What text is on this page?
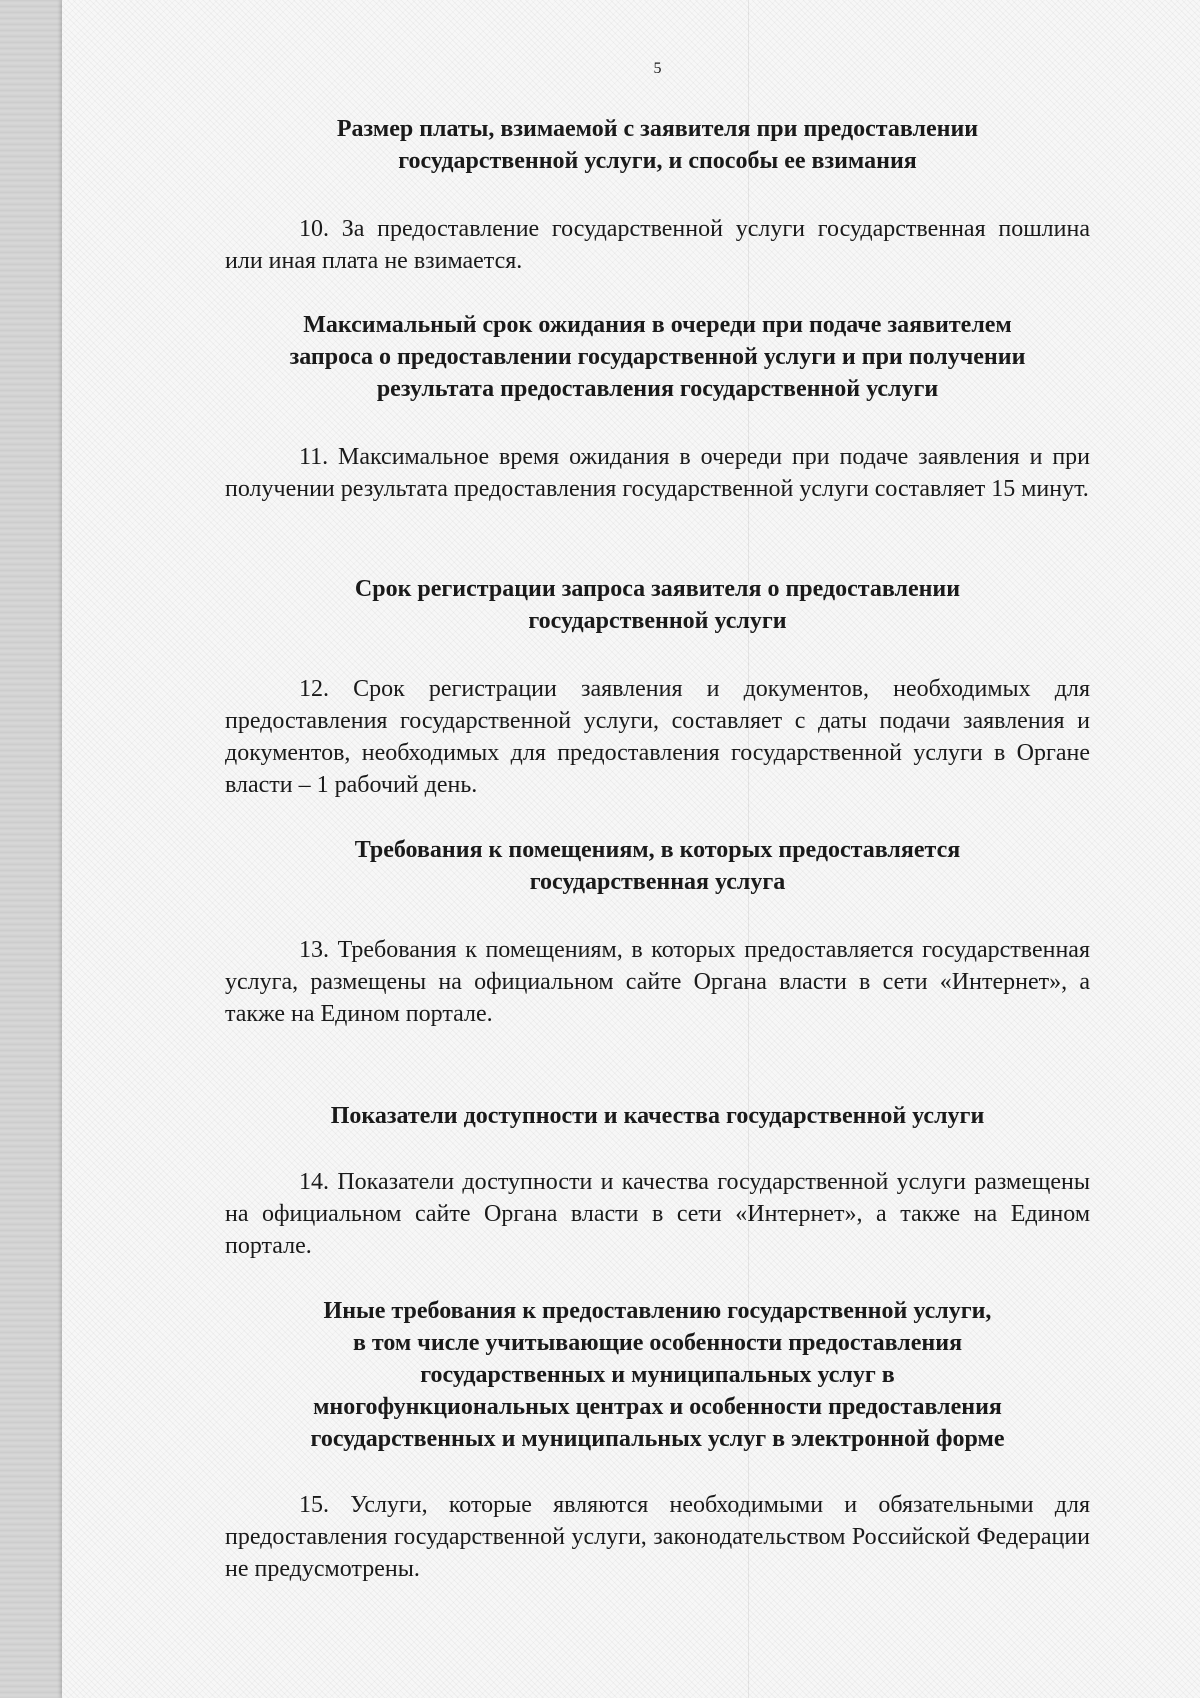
5
Размер платы, взимаемой с заявителя при предоставлении
государственной услуги, и способы ее взимания
10. За предоставление государственной услуги государственная пошлина или иная плата не взимается.
Максимальный срок ожидания в очереди при подаче заявителем
запроса о предоставлении государственной услуги и при получении
результата предоставления государственной услуги
11. Максимальное время ожидания в очереди при подаче заявления и при получении результата предоставления государственной услуги составляет 15 минут.
Срок регистрации запроса заявителя о предоставлении
государственной услуги
12. Срок регистрации заявления и документов, необходимых для предоставления государственной услуги, составляет с даты подачи заявления и документов, необходимых для предоставления государственной услуги в Органе власти – 1 рабочий день.
Требования к помещениям, в которых предоставляется
государственная услуга
13. Требования к помещениям, в которых предоставляется государственная услуга, размещены на официальном сайте Органа власти в сети «Интернет», а также на Едином портале.
Показатели доступности и качества государственной услуги
14. Показатели доступности и качества государственной услуги размещены на официальном сайте Органа власти в сети «Интернет», а также на Едином портале.
Иные требования к предоставлению государственной услуги,
в том числе учитывающие особенности предоставления
государственных и муниципальных услуг в
многофункциональных центрах и особенности предоставления
государственных и муниципальных услуг в электронной форме
15. Услуги, которые являются необходимыми и обязательными для предоставления государственной услуги, законодательством Российской Федерации не предусмотрены.
